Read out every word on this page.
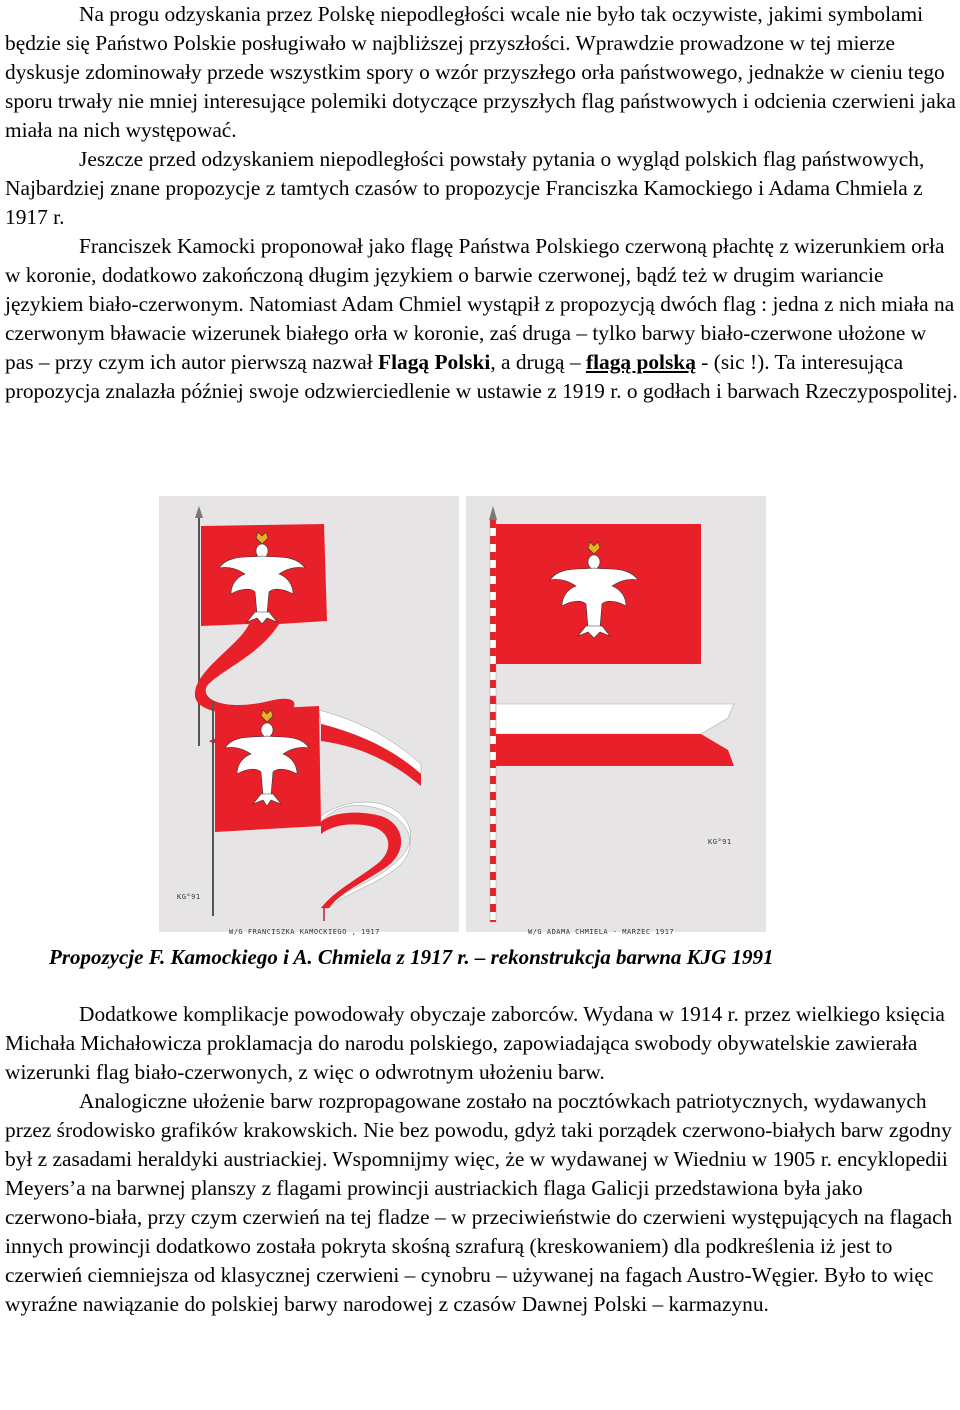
Na progu odzyskania przez Polskę niepodległości wcale nie było tak oczywiste, jakimi symbolami będzie się Państwo Polskie posługiwało w najbliższej przyszłości. Wprawdzie prowadzone w tej mierze dyskusje zdominowały przede wszystkim spory o wzór przyszłego orła państwowego, jednakże w cieniu tego sporu trwały nie mniej interesujące polemiki dotyczące przyszłych flag państwowych i odcienia czerwieni jaka miała na nich występować.

Jeszcze przed odzyskaniem niepodległości powstały pytania o wygląd polskich flag państwowych, Najbardziej znane propozycje z tamtych czasów to propozycje Franciszka Kamockiego i Adama Chmiela z 1917 r.

Franciszek Kamocki proponował jako flagę Państwa Polskiego czerwoną płachtę z wizerunkiem orła w koronie, dodatkowo zakończoną długim językiem o barwie czerwonej, bądź też w drugim wariancie językiem biało-czerwonym. Natomiast Adam Chmiel wystąpił z propozycją dwóch flag : jedna z nich miała na czerwonym bławacie wizerunek białego orła w koronie, zaś druga – tylko barwy biało-czerwone ułożone w pas – przy czym ich autor pierwszą nazwał Flagą Polski, a drugą – flagą polską - (sic !). Ta interesująca propozycja znalazła później swoje odzwierciedlenie w ustawie z 1919 r. o godłach i barwach Rzeczypospolitej.

KG°91
W/G FRANCISZKA KAMOCKIEGO , 1917
KG°91
W/G ADAMA CHMIELA - MARZEC 1917
Propozycje F. Kamockiego i A. Chmiela z 1917 r. – rekonstrukcja barwna KJG 1991

Dodatkowe komplikacje powodowały obyczaje zaborców. Wydana w 1914 r. przez wielkiego księcia Michała Michałowicza proklamacja do narodu polskiego, zapowiadająca swobody obywatelskie zawierała wizerunki flag biało-czerwonych, z więc o odwrotnym ułożeniu barw.

Analogiczne ułożenie barw rozpropagowane zostało na pocztówkach patriotycznych, wydawanych przez środowisko grafików krakowskich. Nie bez powodu, gdyż taki porządek czerwono-białych barw zgodny był z zasadami heraldyki austriackiej. Wspomnijmy więc, że w wydawanej w Wiedniu w 1905 r. encyklopedii Meyers’a na barwnej planszy z flagami prowincji austriackich flaga Galicji przedstawiona była jako czerwono-biała, przy czym czerwień na tej fladze – w przeciwieństwie do czerwieni występujących na flagach innych prowincji dodatkowo została pokryta skośną szrafurą (kreskowaniem) dla podkreślenia iż jest to czerwień ciemniejsza od klasycznej czerwieni – cynobru – używanej na fagach Austro-Węgier. Było to więc wyraźne nawiązanie do polskiej barwy narodowej z czasów Dawnej Polski – karmazynu.
